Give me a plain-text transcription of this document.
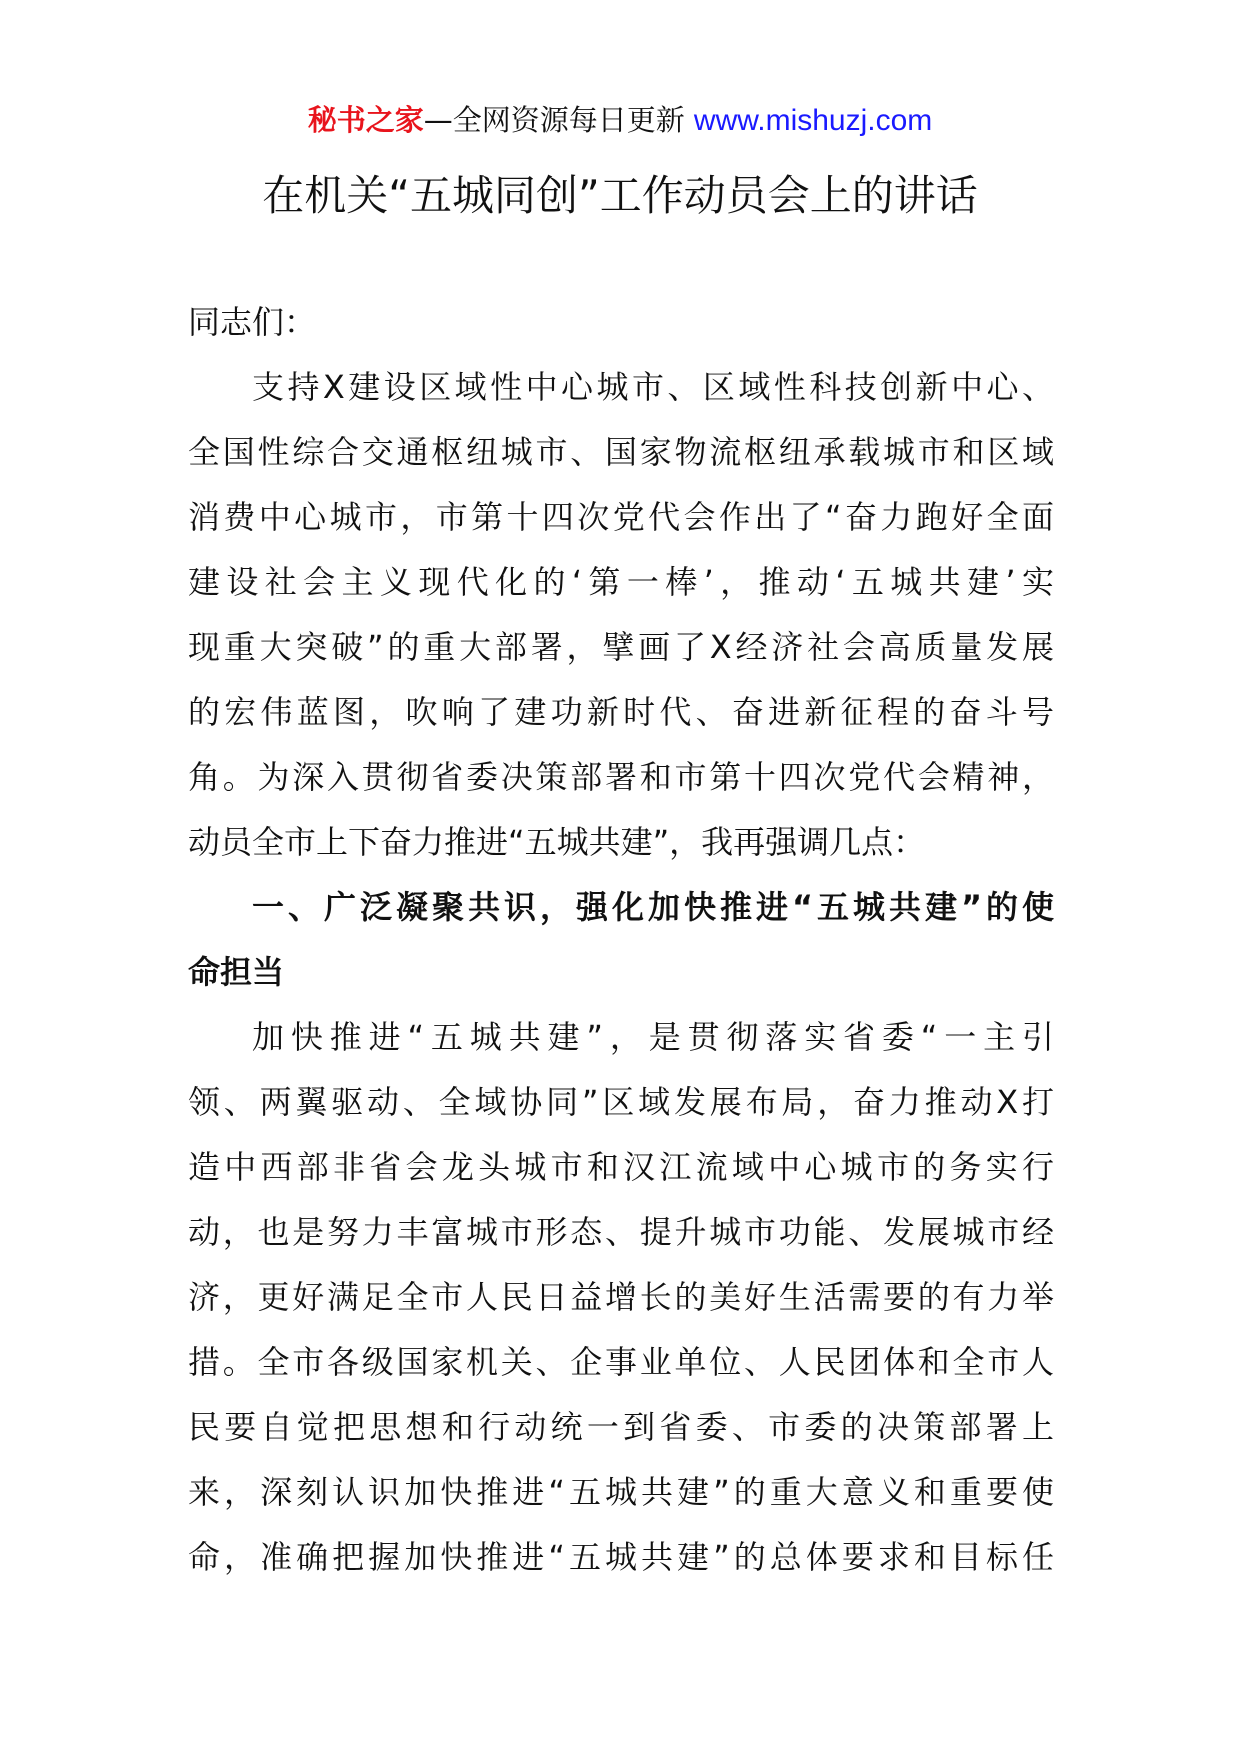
秘书之家—全网资源每日更新 www.mishuzj.com
在机关“五城同创”工作动员会上的讲话
同志们：
支持X建设区域性中心城市、区域性科技创新中心、
全国性综合交通枢纽城市、国家物流枢纽承载城市和区域
消费中心城市，市第十四次党代会作出了“奋力跑好全面
建设社会主义现代化的‘第一棒’，推动‘五城共建’实
现重大突破”的重大部署，擘画了X经济社会高质量发展
的宏伟蓝图，吹响了建功新时代、奋进新征程的奋斗号
角。为深入贯彻省委决策部署和市第十四次党代会精神，
动员全市上下奋力推进“五城共建”，我再强调几点：
一、广泛凝聚共识，强化加快推进“五城共建”的使
命担当
加快推进“五城共建”，是贯彻落实省委“一主引
领、两翼驱动、全域协同”区域发展布局，奋力推动X打
造中西部非省会龙头城市和汉江流域中心城市的务实行
动，也是努力丰富城市形态、提升城市功能、发展城市经
济，更好满足全市人民日益增长的美好生活需要的有力举
措。全市各级国家机关、企事业单位、人民团体和全市人
民要自觉把思想和行动统一到省委、市委的决策部署上
来，深刻认识加快推进“五城共建”的重大意义和重要使
命，准确把握加快推进“五城共建”的总体要求和目标任
